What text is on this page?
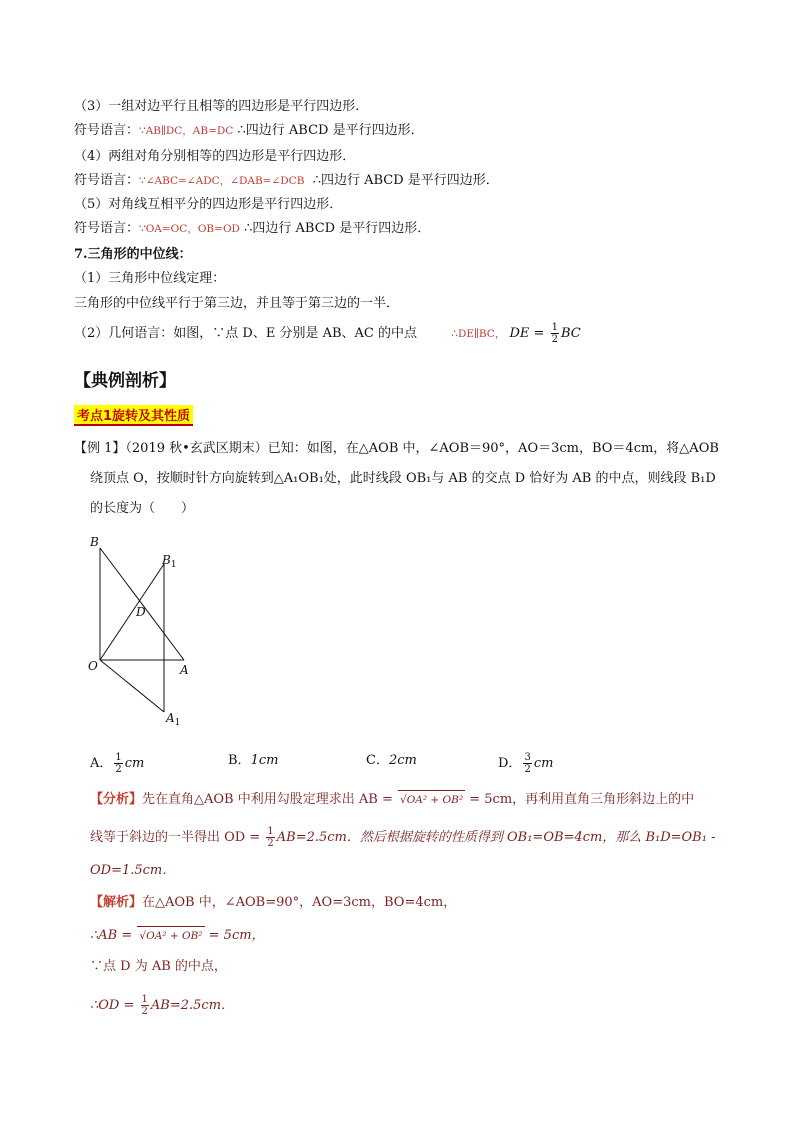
（3）一组对边平行且相等的四边形是平行四边形．
符号语言：∵AB∥DC，AB=DC ∴四边行 ABCD 是平行四边形．
（4）两组对角分别相等的四边形是平行四边形．
符号语言：∵∠ABC=∠ADC，∠DAB=∠DCB ∴四边行 ABCD 是平行四边形．
（5）对角线互相平分的四边形是平行四边形．
符号语言：∵OA=OC，OB=OD ∴四边行 ABCD 是平行四边形．
7.三角形的中位线：
（1）三角形中位线定理：
三角形的中位线平行于第三边，并且等于第三边的一半．
（2）几何语言：如图，∵点 D、E 分别是 AB、AC 的中点	∴DE∥BC， DE = $\frac{1}{2}$ BC
【典例剖析】
考点1旋转及其性质
【例 1】（2019 秋•玄武区期末）已知：如图，在△AOB 中，∠AOB＝90°，AO＝3cm，BO＝4cm，将△AOB
绕顶点 O，按顺时针方向旋转到△A₁OB₁处，此时线段 OB₁与 AB 的交点 D 恰好为 AB 的中点，则线段 B₁D
的长度为（　　）
B
$B_1$
D
O	A
$A_1$
A． $\frac{1}{2}$ cm	B．1cm	C．2cm	D． $\frac{3}{2}$ cm
【分析】先在直角△AOB 中利用勾股定理求出 AB = √OA² + OB² = 5cm，再利用直角三角形斜边上的中
线等于斜边的一半得出 OD = $\frac{1}{2} AB=2.5cm$．然后根据旋转的性质得到 OB₁=OB=4cm，那么 B₁D=OB₁ -
OD=1.5cm．
【解析】在△AOB 中，∠AOB=90°，AO=3cm，BO=4cm，
∴AB = √OA² + OB² = 5cm，
∵点 D 为 AB 的中点，
∴OD = $\frac{1}{2} AB=2.5cm$．
